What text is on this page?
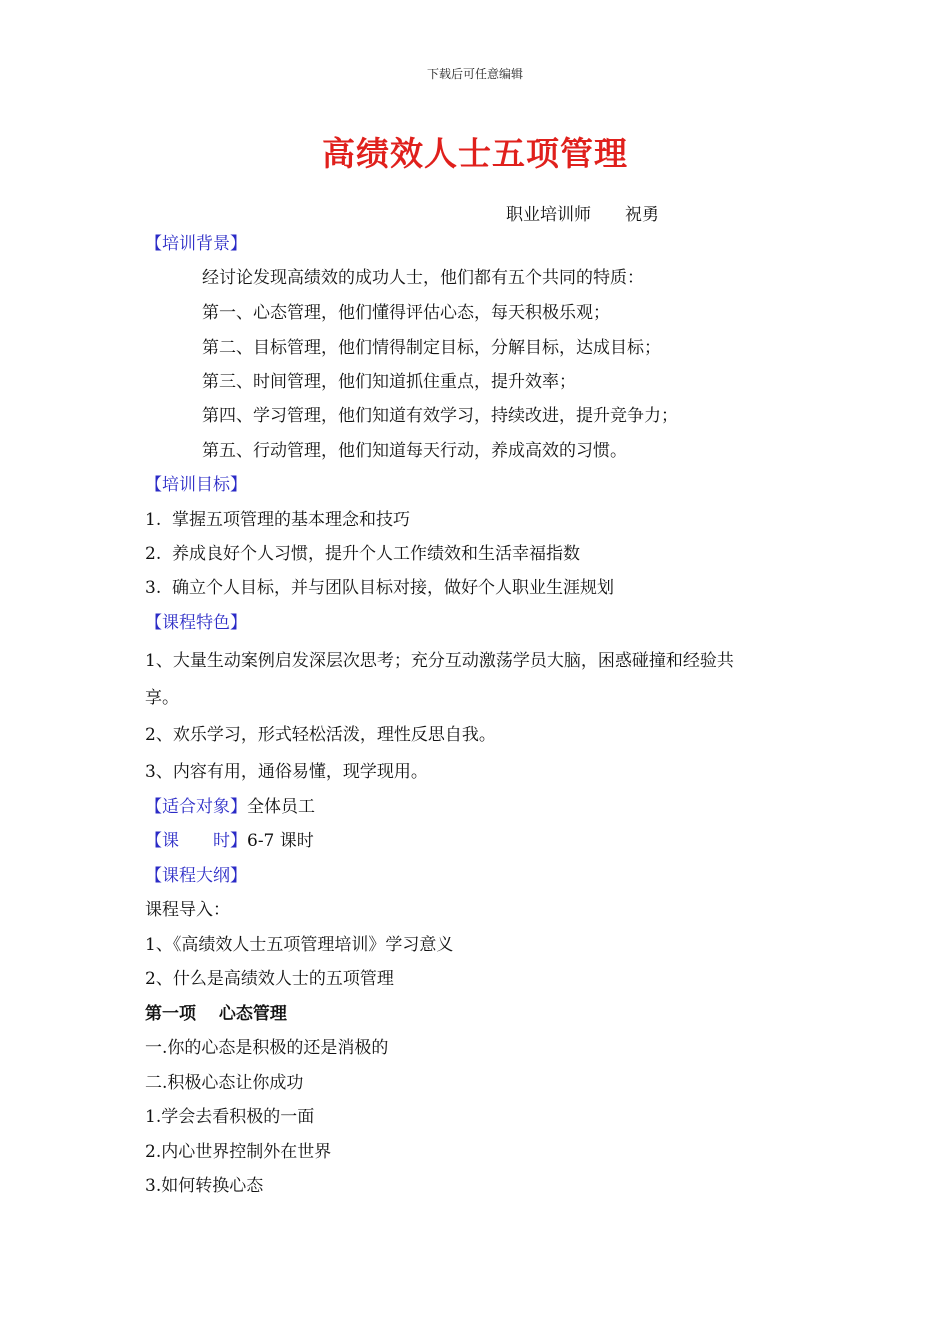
下载后可任意编辑
高绩效人士五项管理
职业培训师　　祝勇
【培训背景】
经讨论发现高绩效的成功人士，他们都有五个共同的特质：
第一、心态管理，他们懂得评估心态，每天积极乐观；
第二、目标管理，他们情得制定目标，分解目标，达成目标；
第三、时间管理，他们知道抓住重点，提升效率；
第四、学习管理，他们知道有效学习，持续改进，提升竞争力；
第五、行动管理，他们知道每天行动，养成高效的习惯。
【培训目标】
1.  掌握五项管理的基本理念和技巧
2.  养成良好个人习惯，提升个人工作绩效和生活幸福指数
3.  确立个人目标，并与团队目标对接，做好个人职业生涯规划
【课程特色】
1、大量生动案例启发深层次思考；充分互动激荡学员大脑，困惑碰撞和经验共
享。
2、欢乐学习，形式轻松活泼，理性反思自我。
3、内容有用，通俗易懂，现学现用。
【适合对象】全体员工
【课　　时】6-7 课时
【课程大纲】
课程导入：
1、《高绩效人士五项管理培训》学习意义
2、什么是高绩效人士的五项管理
第一项　 心态管理
一.你的心态是积极的还是消极的
二.积极心态让你成功
1.学会去看积极的一面
2.内心世界控制外在世界
3.如何转换心态
